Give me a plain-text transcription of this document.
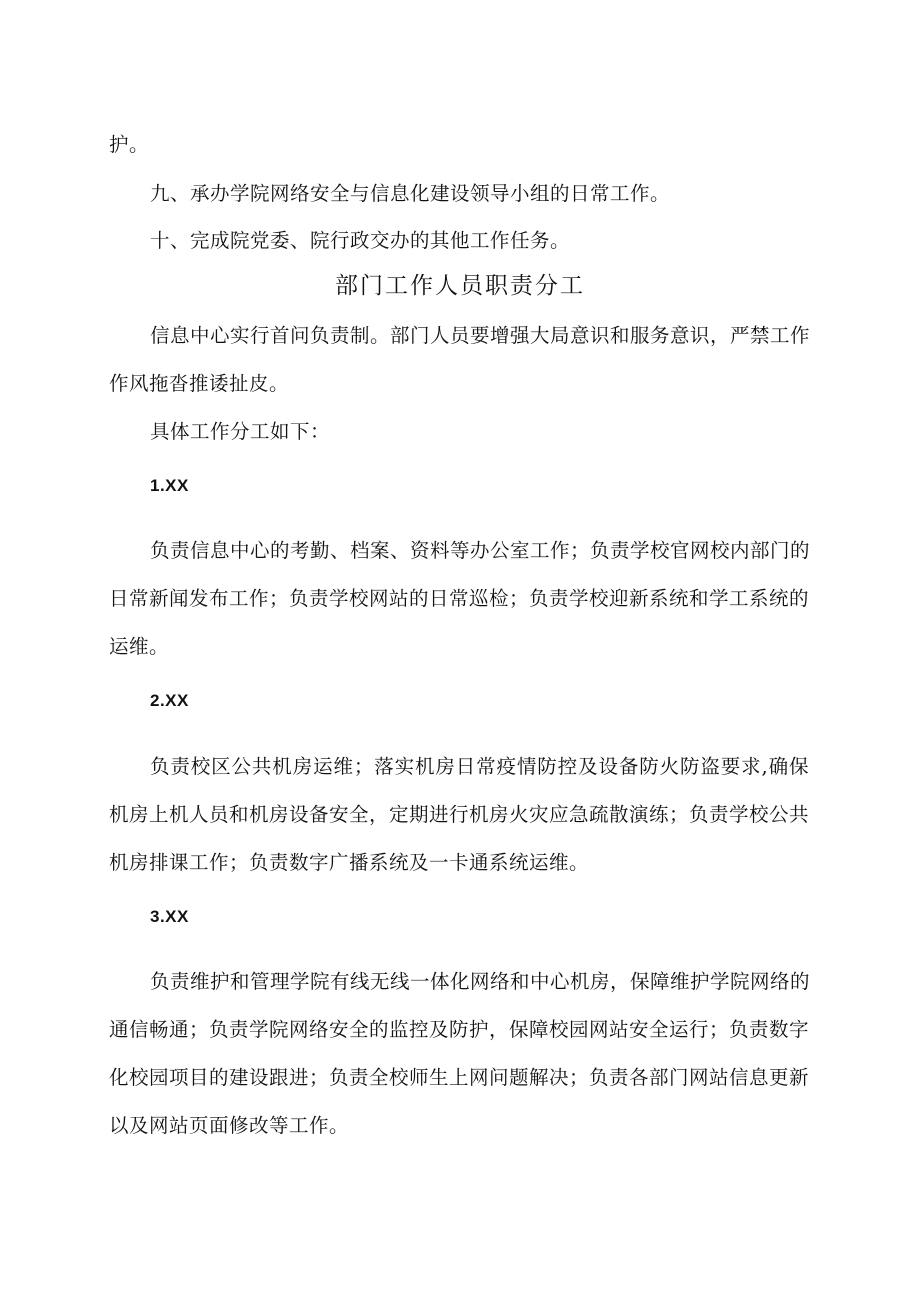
护。
九、承办学院网络安全与信息化建设领导小组的日常工作。
十、完成院党委、院行政交办的其他工作任务。
部门工作人员职责分工
信息中心实行首问负责制。部门人员要增强大局意识和服务意识，严禁工作
作风拖沓推诿扯皮。
具体工作分工如下：
1.XX
负责信息中心的考勤、档案、资料等办公室工作；负责学校官网校内部门的
日常新闻发布工作；负责学校网站的日常巡检；负责学校迎新系统和学工系统的
运维。
2.XX
负责校区公共机房运维；落实机房日常疫情防控及设备防火防盗要求,确保
机房上机人员和机房设备安全，定期进行机房火灾应急疏散演练；负责学校公共
机房排课工作；负责数字广播系统及一卡通系统运维。
3.XX
负责维护和管理学院有线无线一体化网络和中心机房，保障维护学院网络的
通信畅通；负责学院网络安全的监控及防护，保障校园网站安全运行；负责数字
化校园项目的建设跟进；负责全校师生上网问题解决；负责各部门网站信息更新
以及网站页面修改等工作。
